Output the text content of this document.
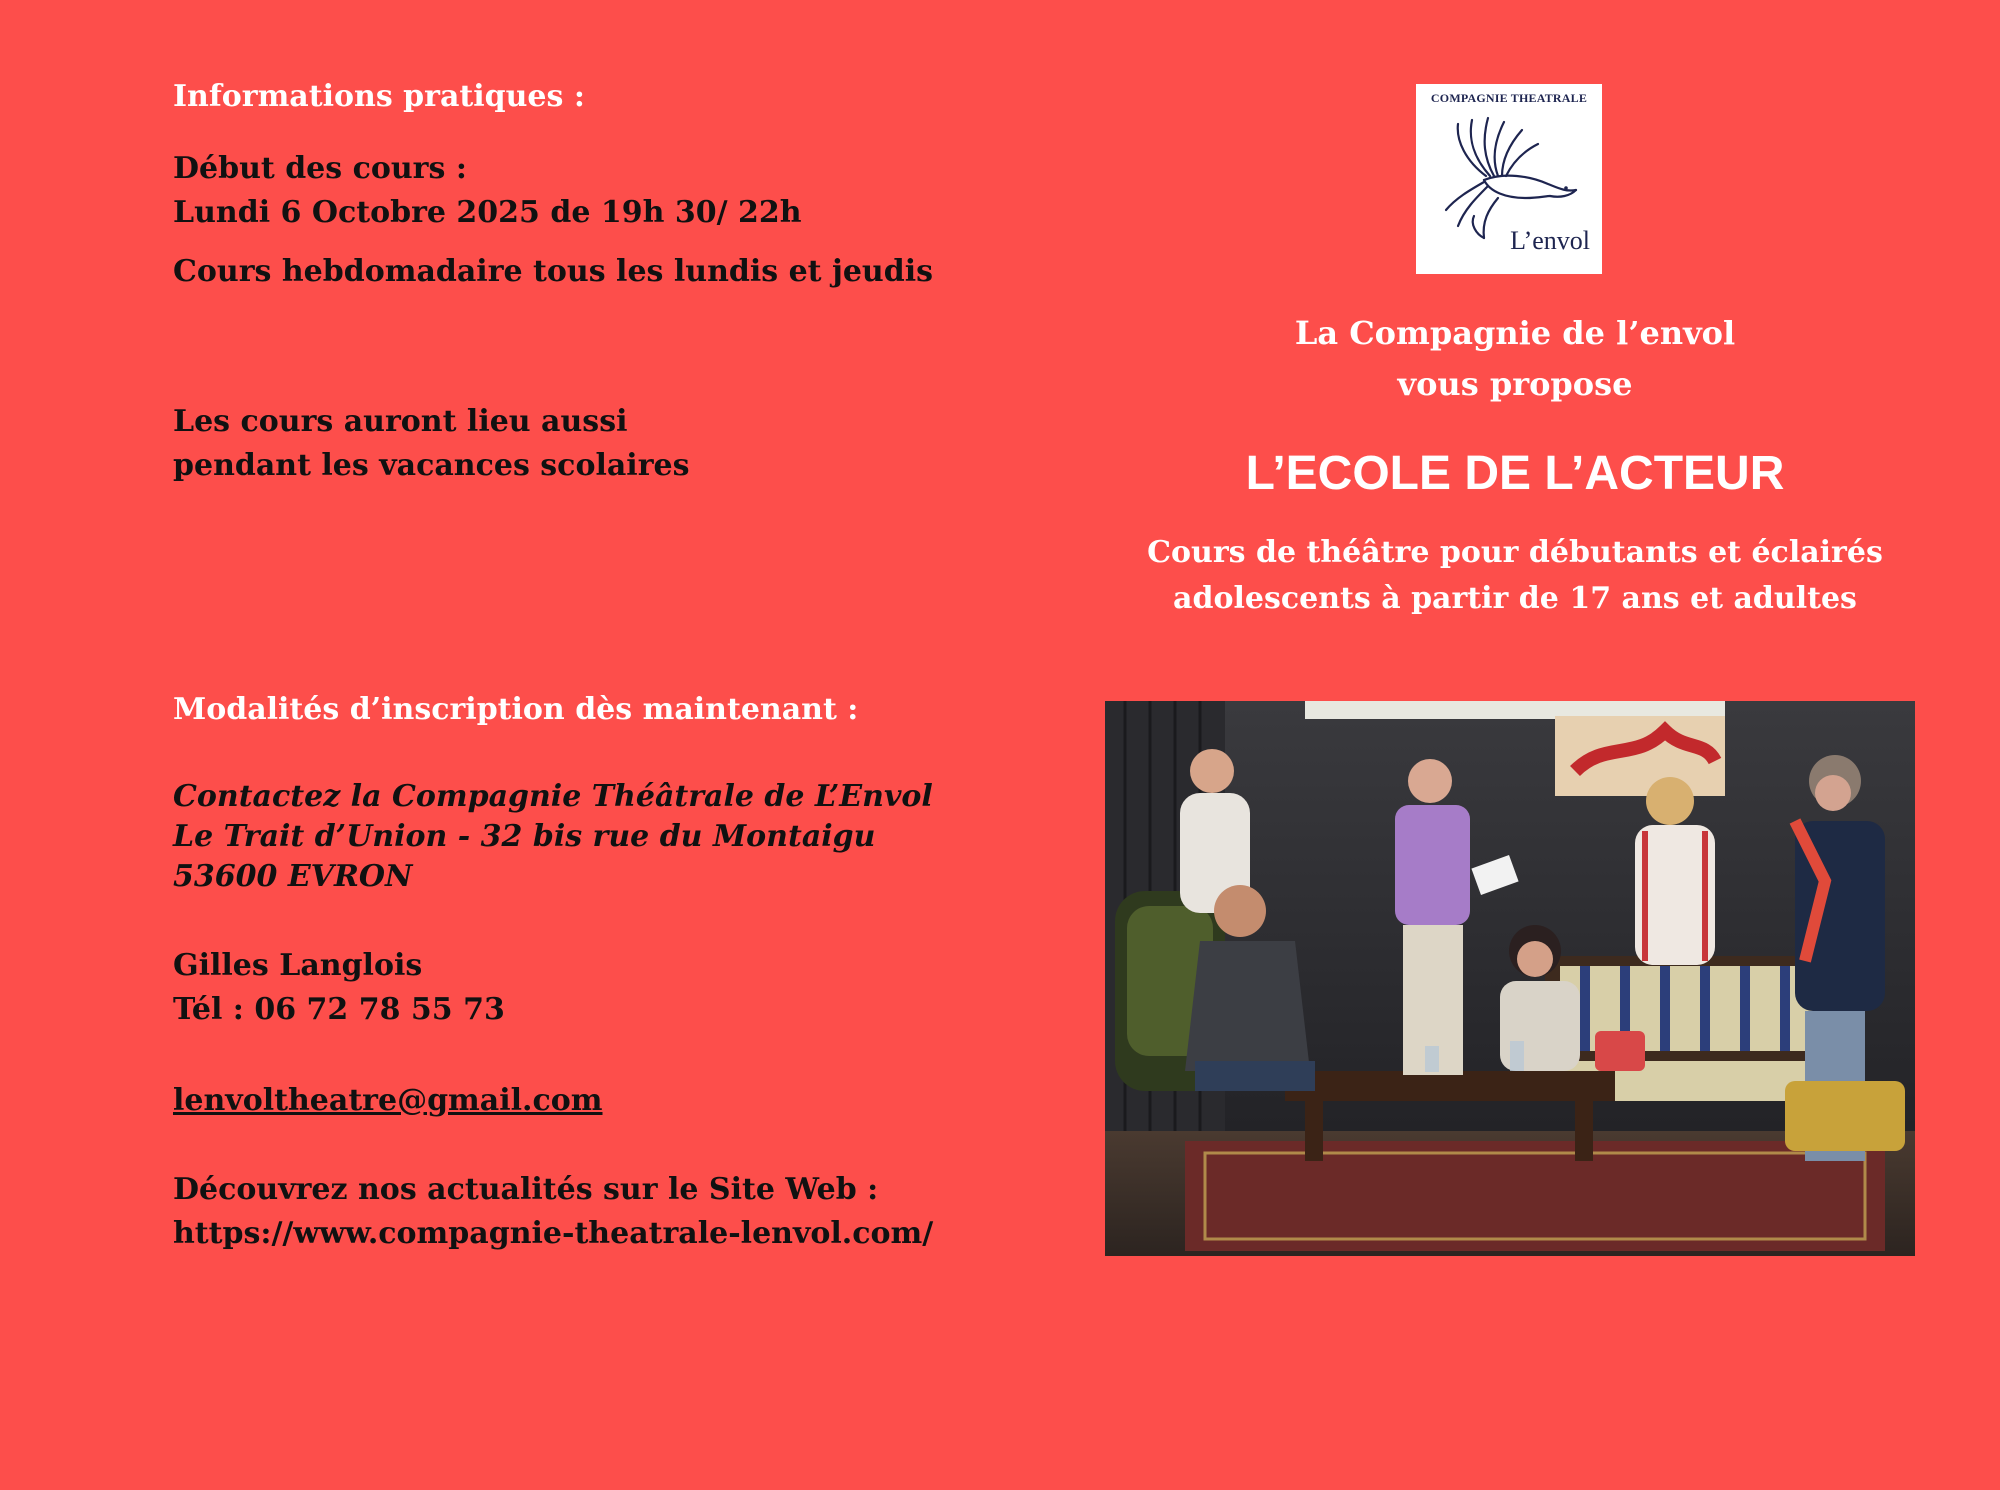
Informations pratiques :
Début des cours :
Lundi 6 Octobre 2025 de 19h 30/ 22h
Cours hebdomadaire tous les lundis et jeudis
Les cours auront lieu aussi
pendant les vacances scolaires
Modalités d’inscription dès maintenant :
Contactez la Compagnie Théâtrale de L’Envol
Le Trait d’Union - 32 bis rue du Montaigu
53600 EVRON
Gilles Langlois
Tél : 06 72 78 55 73
lenvoltheatre@gmail.com
Découvrez nos actualités sur le Site Web :
https://www.compagnie-theatrale-lenvol.com/
COMPAGNIE THEATRALE
L’envol
La Compagnie de l’envol
vous propose
L’ECOLE DE L’ACTEUR
Cours de théâtre pour débutants et éclairés
adolescents à partir de 17 ans et adultes
